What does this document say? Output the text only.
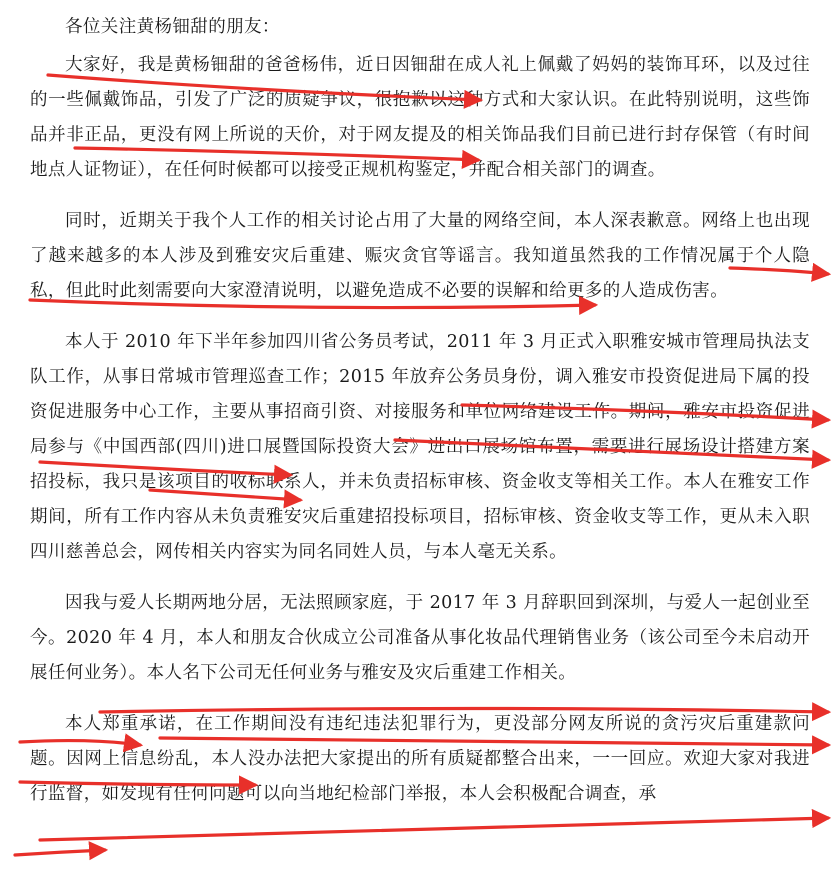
各位关注黄杨钿甜的朋友：

大家好，我是黄杨钿甜的爸爸杨伟，近日因钿甜在成人礼上佩戴了妈妈的装饰耳环，以及过往的一些佩戴饰品，引发了广泛的质疑争议，很抱歉以这种方式和大家认识。在此特别说明，这些饰品并非正品，更没有网上所说的天价，对于网友提及的相关饰品我们目前已进行封存保管（有时间地点人证物证），在任何时候都可以接受正规机构鉴定，并配合相关部门的调查。

同时，近期关于我个人工作的相关讨论占用了大量的网络空间，本人深表歉意。网络上也出现了越来越多的本人涉及到雅安灾后重建、赈灾贪官等谣言。我知道虽然我的工作情况属于个人隐私，但此时此刻需要向大家澄清说明，以避免造成不必要的误解和给更多的人造成伤害。

本人于 2010 年下半年参加四川省公务员考试，2011 年 3 月正式入职雅安城市管理局执法支队工作，从事日常城市管理巡查工作；2015 年放弃公务员身份，调入雅安市投资促进局下属的投资促进服务中心工作，主要从事招商引资、对接服务和单位网络建设工作。期间，雅安市投资促进局参与《中国西部(四川)进口展暨国际投资大会》进出口展场馆布置，需要进行展场设计搭建方案招投标，我只是该项目的收标联系人，并未负责招标审核、资金收支等相关工作。本人在雅安工作期间，所有工作内容从未负责雅安灾后重建招投标项目，招标审核、资金收支等工作，更从未入职四川慈善总会，网传相关内容实为同名同姓人员，与本人毫无关系。

因我与爱人长期两地分居，无法照顾家庭，于 2017 年 3 月辞职回到深圳，与爱人一起创业至今。2020 年 4 月，本人和朋友合伙成立公司准备从事化妆品代理销售业务（该公司至今未启动开展任何业务）。本人名下公司无任何业务与雅安及灾后重建工作相关。

本人郑重承诺，在工作期间没有违纪违法犯罪行为，更没部分网友所说的贪污灾后重建款问题。因网上信息纷乱，本人没办法把大家提出的所有质疑都整合出来，一一回应。欢迎大家对我进行监督，如发现有任何问题可以向当地纪检部门举报，本人会积极配合调查，承
